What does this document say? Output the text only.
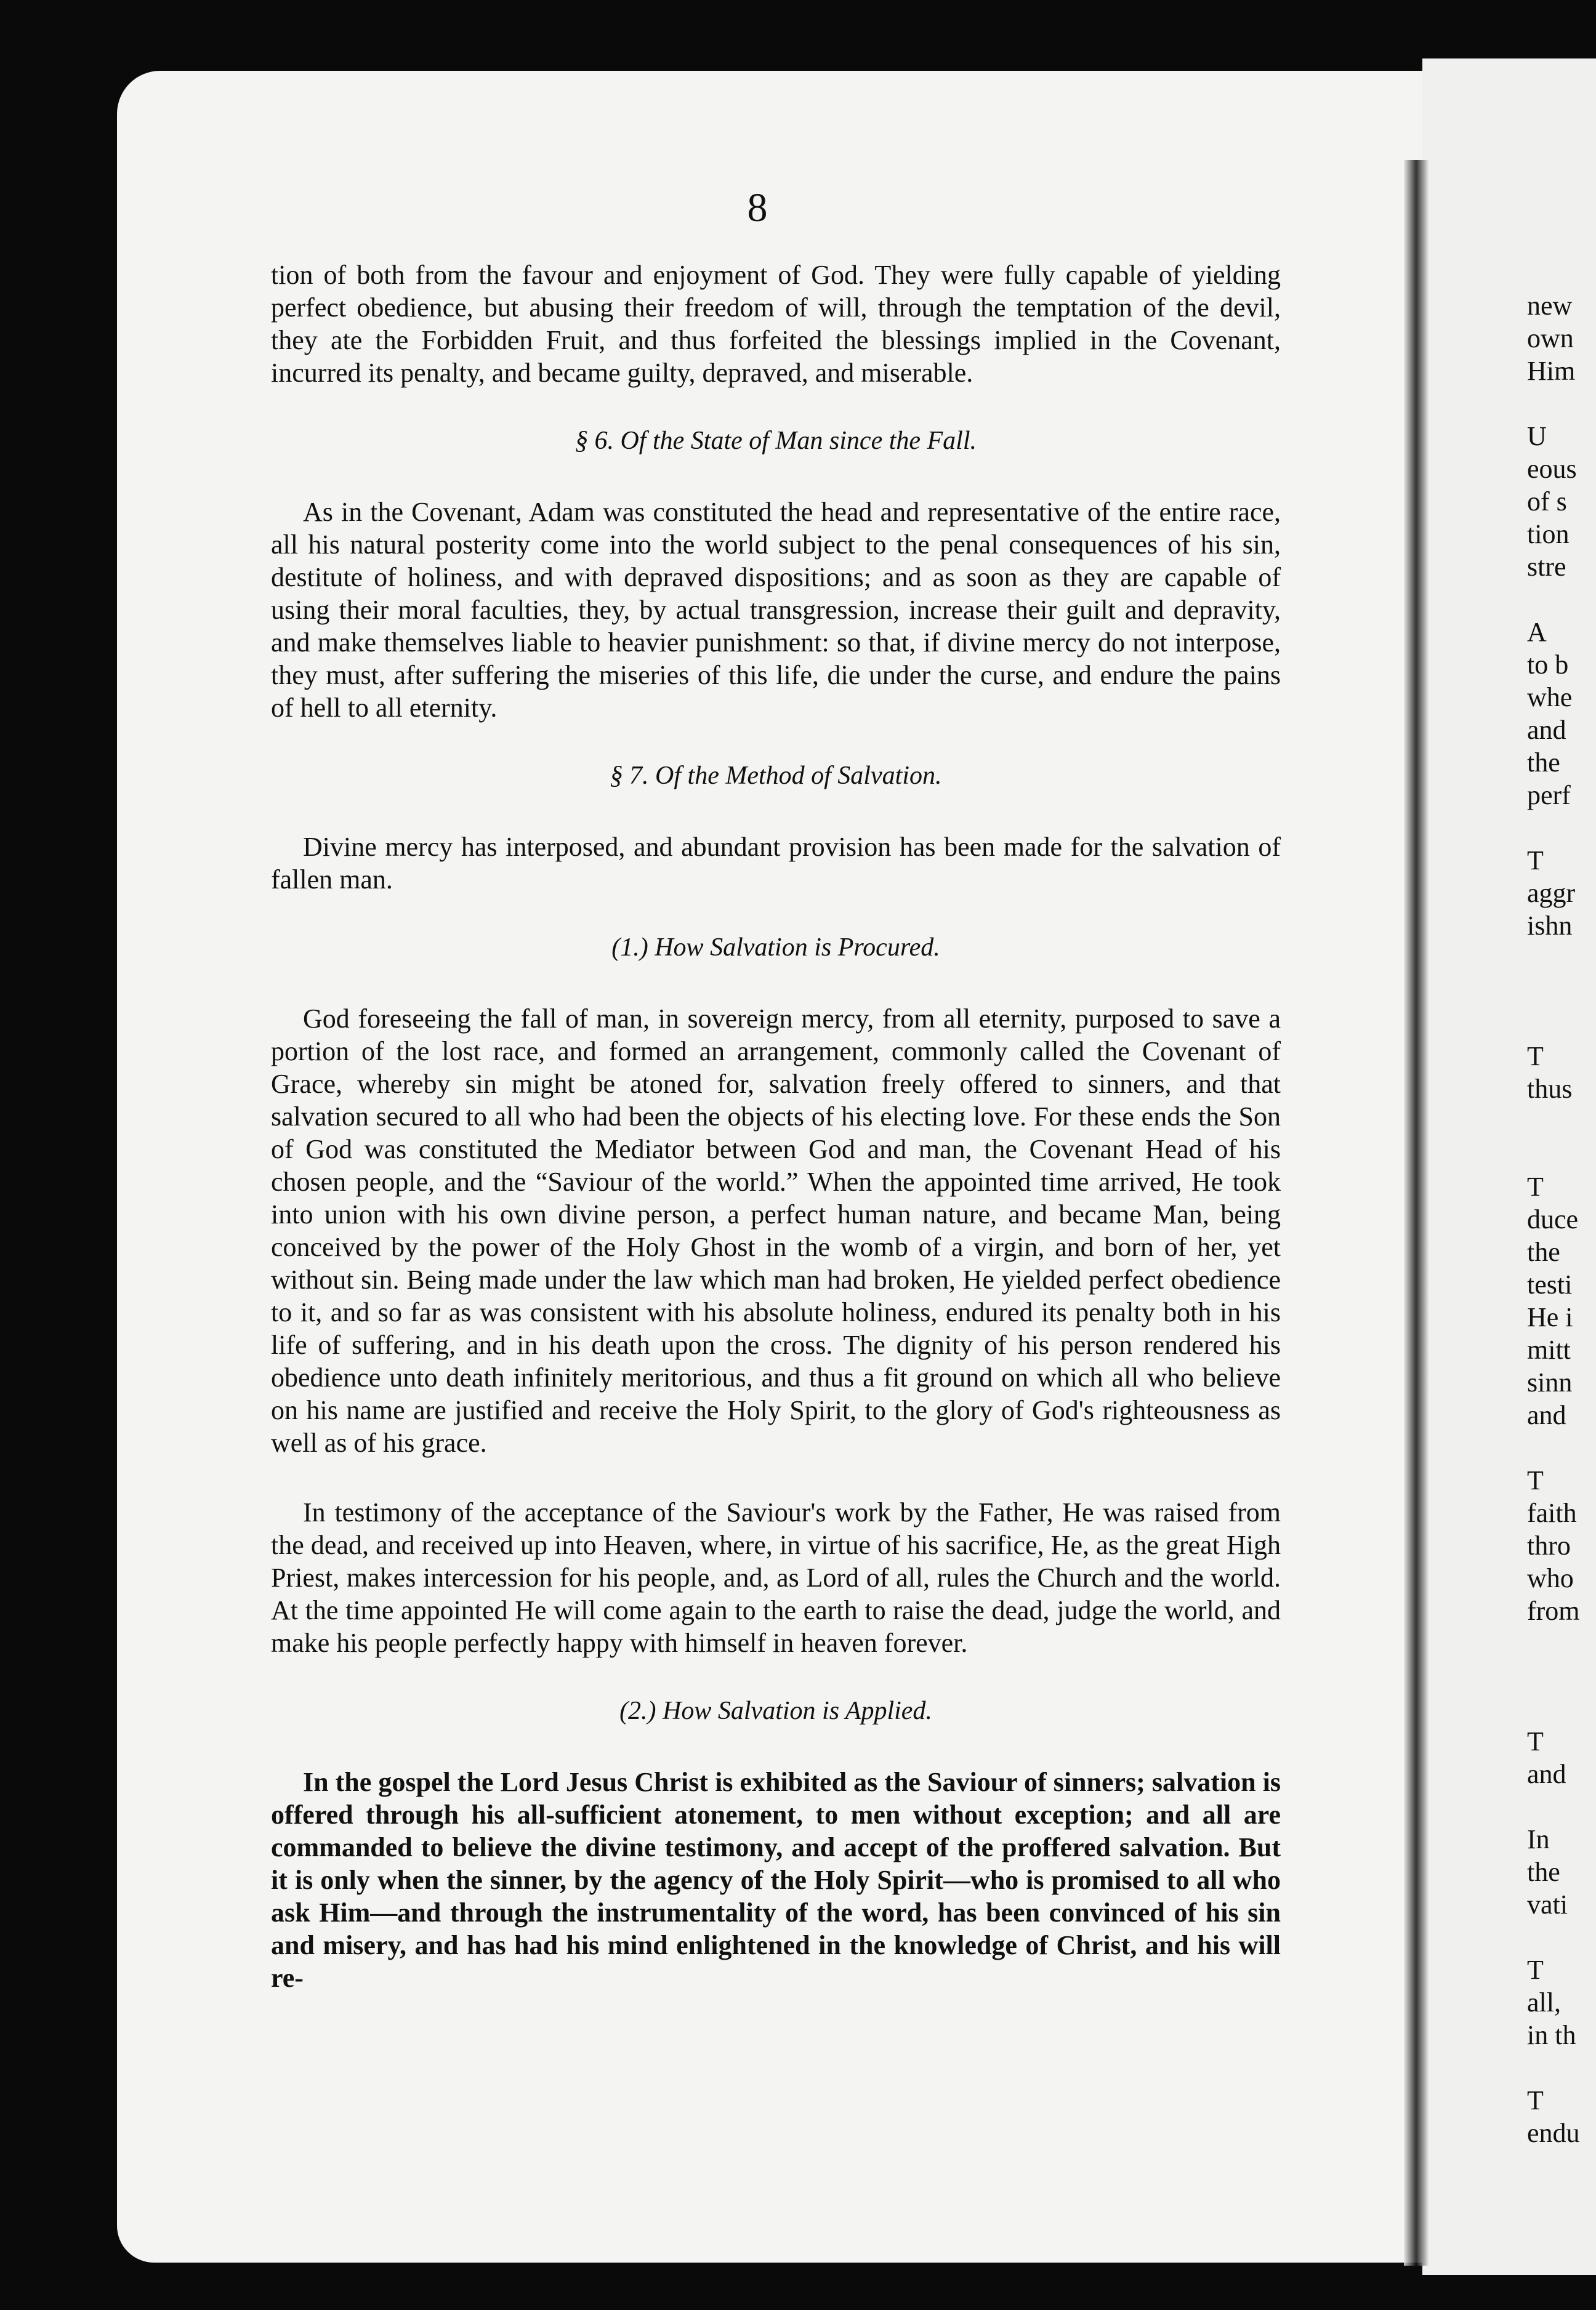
8

tion of both from the favour and enjoyment of God. They were fully capable of yielding perfect obedience, but abusing their freedom of will, through the temptation of the devil, they ate the Forbidden Fruit, and thus forfeited the blessings implied in the Covenant, incurred its penalty, and became guilty, depraved, and miserable.

§ 6. Of the State of Man since the Fall.

As in the Covenant, Adam was constituted the head and representative of the entire race, all his natural posterity come into the world subject to the penal consequences of his sin, destitute of holiness, and with depraved dispositions; and as soon as they are capable of using their moral faculties, they, by actual transgression, increase their guilt and depravity, and make themselves liable to heavier punishment: so that, if divine mercy do not interpose, they must, after suffering the miseries of this life, die under the curse, and endure the pains of hell to all eternity.

§ 7. Of the Method of Salvation.

Divine mercy has interposed, and abundant provision has been made for the salvation of fallen man.

(1.) How Salvation is Procured.

God foreseeing the fall of man, in sovereign mercy, from all eternity, purposed to save a portion of the lost race, and formed an arrangement, commonly called the Covenant of Grace, whereby sin might be atoned for, salvation freely offered to sinners, and that salvation secured to all who had been the objects of his electing love. For these ends the Son of God was constituted the Mediator between God and man, the Covenant Head of his chosen people, and the “Saviour of the world.” When the appointed time arrived, He took into union with his own divine person, a perfect human nature, and became Man, being conceived by the power of the Holy Ghost in the womb of a virgin, and born of her, yet without sin. Being made under the law which man had broken, He yielded perfect obedience to it, and so far as was consistent with his absolute holiness, endured its penalty both in his life of suffering, and in his death upon the cross. The dignity of his person rendered his obedience unto death infinitely meritorious, and thus a fit ground on which all who believe on his name are justified and receive the Holy Spirit, to the glory of God's righteousness as well as of his grace.

In testimony of the acceptance of the Saviour's work by the Father, He was raised from the dead, and received up into Heaven, where, in virtue of his sacrifice, He, as the great High Priest, makes intercession for his people, and, as Lord of all, rules the Church and the world. At the time appointed He will come again to the earth to raise the dead, judge the world, and make his people perfectly happy with himself in heaven forever.

(2.) How Salvation is Applied.

In the gospel the Lord Jesus Christ is exhibited as the Saviour of sinners; salvation is offered through his all-sufficient atonement, to men without exception; and all are commanded to believe the divine testimony, and accept of the proffered salvation. But it is only when the sinner, by the agency of the Holy Spirit—who is promised to all who ask Him—and through the instrumentality of the word, has been convinced of his sin and misery, and has had his mind enlightened in the knowledge of Christ, and his will re-

new
own
Him
U
eous
of s
tion
stre
A
to b
whe
and
the
perf
T
aggr
ishn
T
thus
T
duce
the
testi
He i
mitt
sinn
and
T
faith
thro
who
from
T
and
In
the
vati
T
all,
in th
T
endu
